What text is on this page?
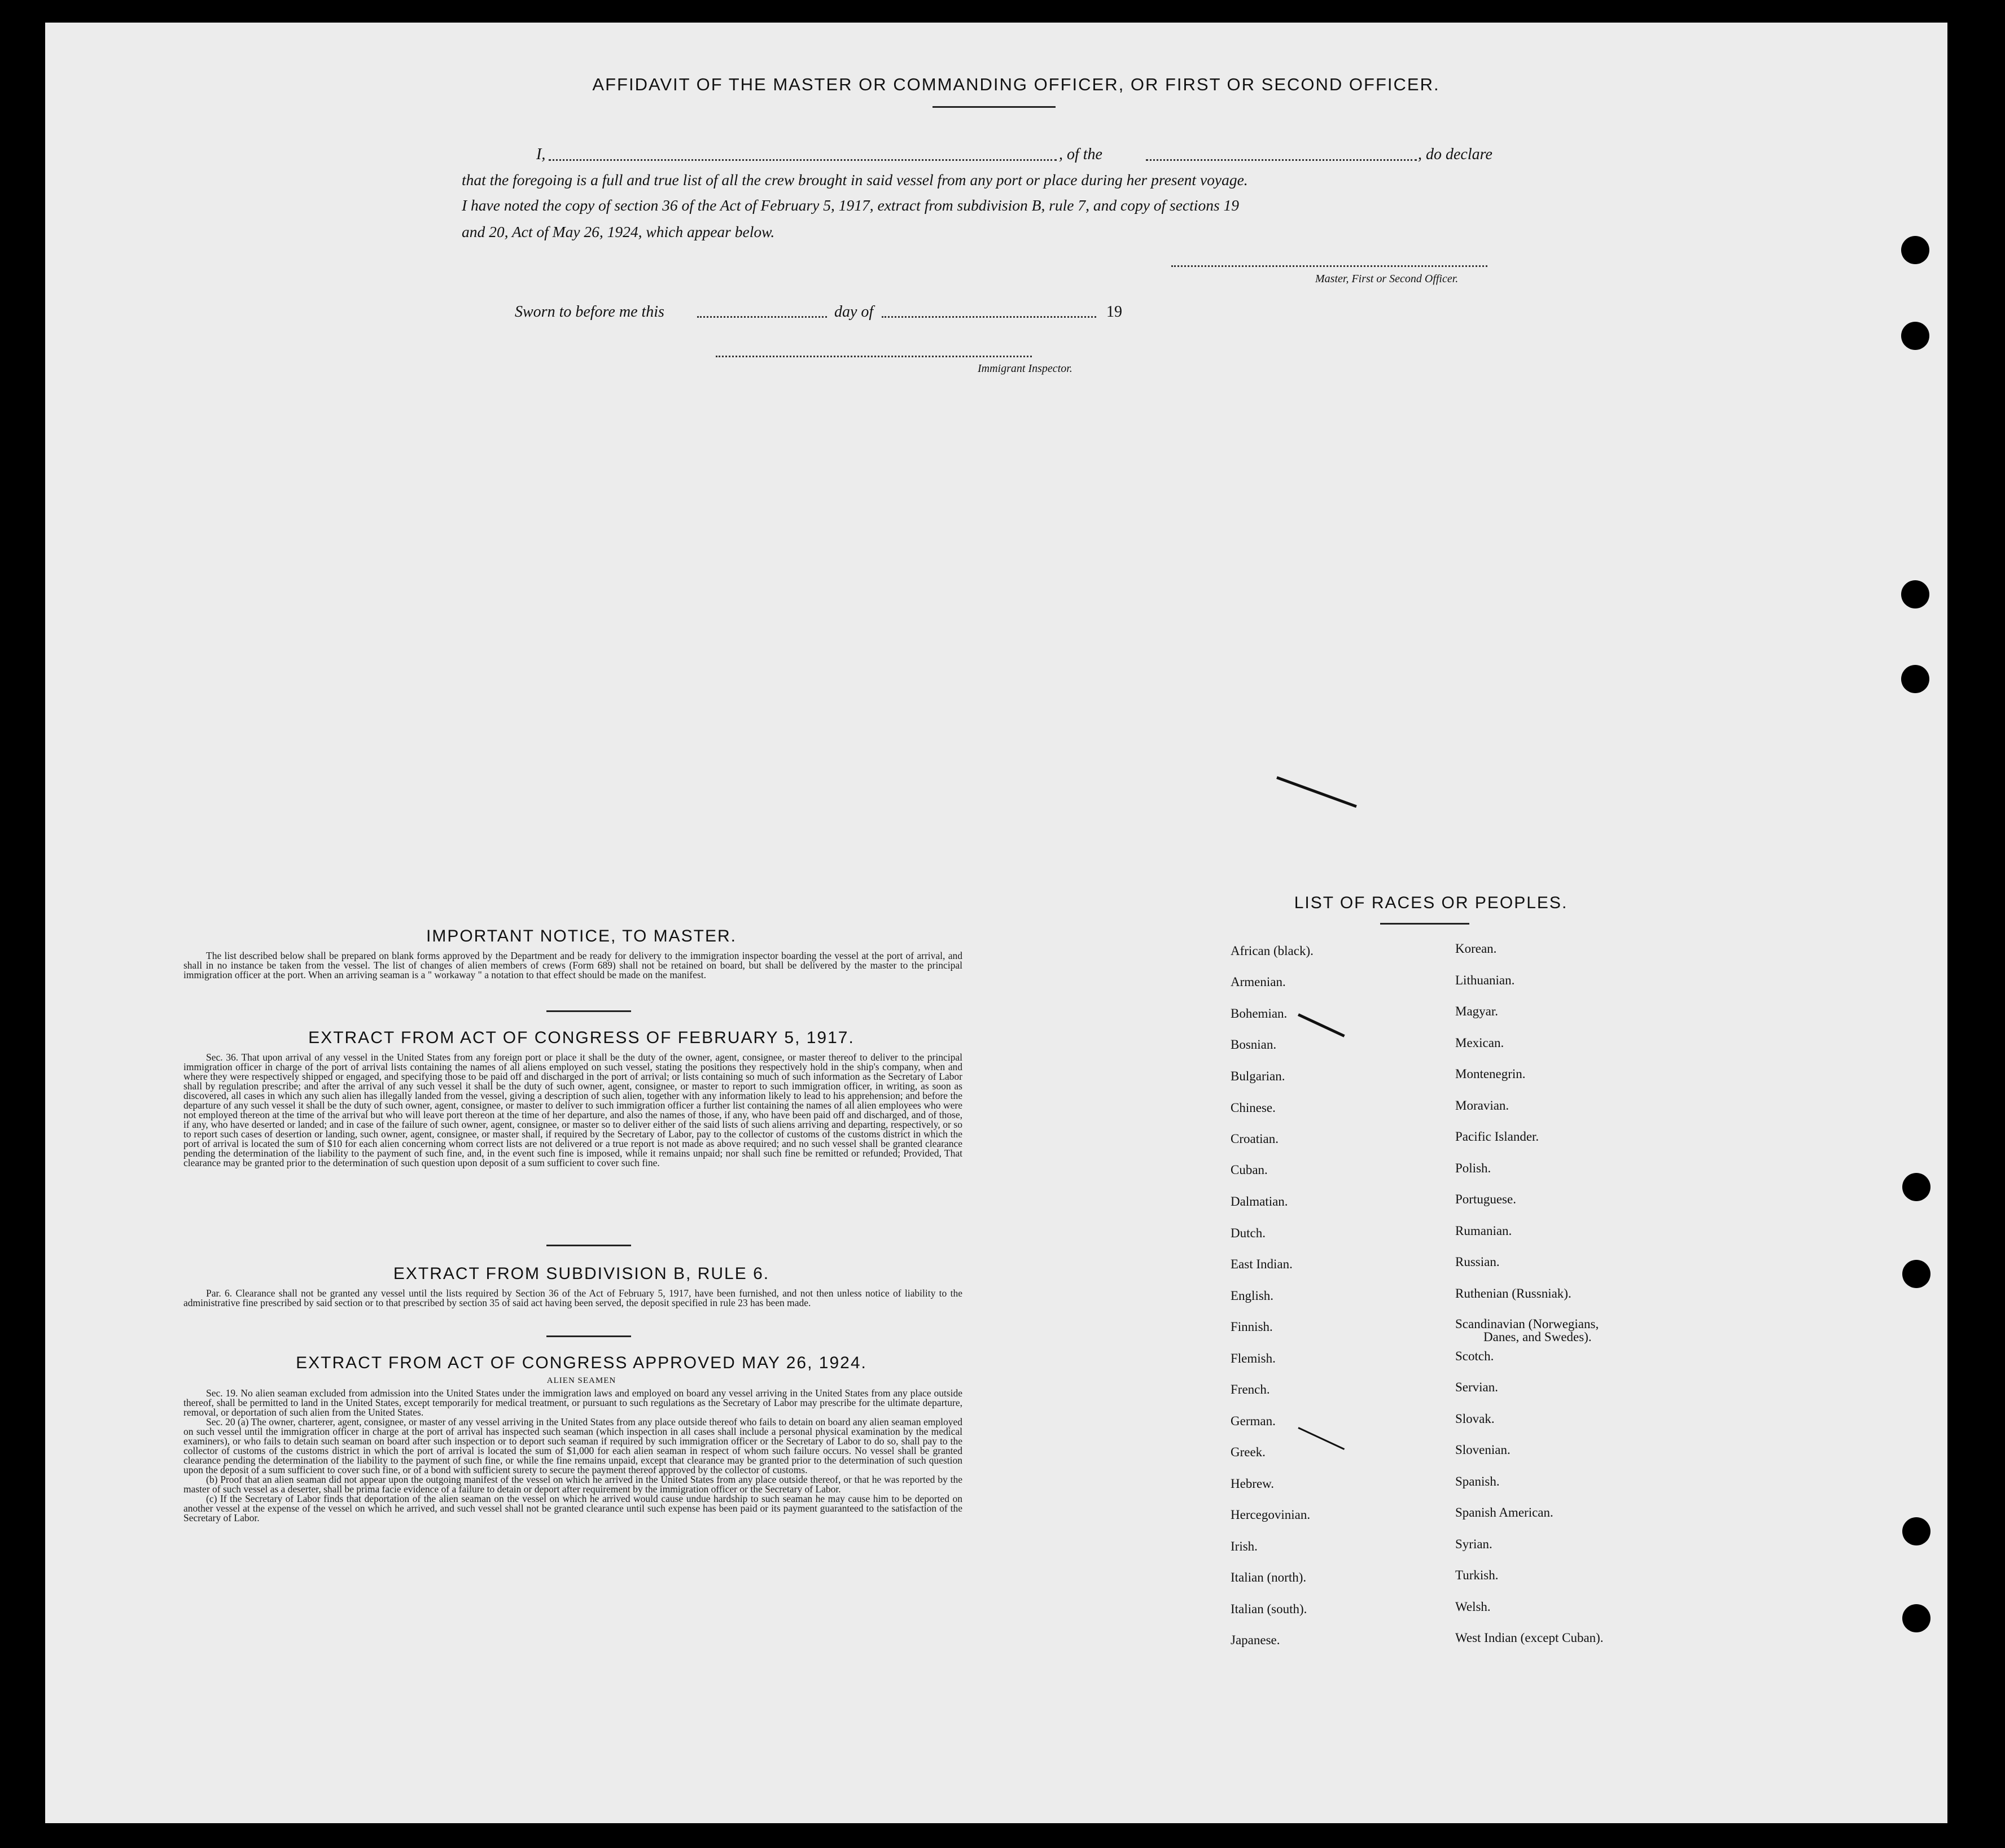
AFFIDAVIT OF THE MASTER OR COMMANDING OFFICER, OR FIRST OR SECOND OFFICER.
I,	, of the	, do declare
that the foregoing is a full and true list of all the crew brought in said vessel from any port or place during her present voyage.
I have noted the copy of section 36 of the Act of February 5, 1917, extract from subdivision B, rule 7, and copy of sections 19
and 20, Act of May 26, 1924, which appear below.
Master, First or Second Officer.
Sworn to before me this	day of	19
Immigrant Inspector.
IMPORTANT NOTICE, TO MASTER.

The list described below shall be prepared on blank forms approved by the Department and be ready for delivery to the immigration inspector boarding the vessel at the port of arrival, and shall in no instance be taken from the vessel. The list of changes of alien members of crews (Form 689) shall not be retained on board, but shall be delivered by the master to the principal immigration officer at the port. When an arriving seaman is a " workaway " a notation to that effect should be made on the manifest.

EXTRACT FROM ACT OF CONGRESS OF FEBRUARY 5, 1917.

Sec. 36. That upon arrival of any vessel in the United States from any foreign port or place it shall be the duty of the owner, agent, consignee, or master thereof to deliver to the principal immigration officer in charge of the port of arrival lists containing the names of all aliens employed on such vessel, stating the positions they respectively hold in the ship's company, when and where they were respectively shipped or engaged, and specifying those to be paid off and discharged in the port of arrival; or lists containing so much of such information as the Secretary of Labor shall by regulation prescribe; and after the arrival of any such vessel it shall be the duty of such owner, agent, consignee, or master to report to such immigration officer, in writing, as soon as discovered, all cases in which any such alien has illegally landed from the vessel, giving a description of such alien, together with any information likely to lead to his apprehension; and before the departure of any such vessel it shall be the duty of such owner, agent, consignee, or master to deliver to such immigration officer a further list containing the names of all alien employees who were not employed thereon at the time of the arrival but who will leave port thereon at the time of her departure, and also the names of those, if any, who have been paid off and discharged, and of those, if any, who have deserted or landed; and in case of the failure of such owner, agent, consignee, or master so to deliver either of the said lists of such aliens arriving and departing, respectively, or so to report such cases of desertion or landing, such owner, agent, consignee, or master shall, if required by the Secretary of Labor, pay to the collector of customs of the customs district in which the port of arrival is located the sum of $10 for each alien concerning whom correct lists are not delivered or a true report is not made as above required; and no such vessel shall be granted clearance pending the determination of the liability to the payment of such fine, and, in the event such fine is imposed, while it remains unpaid; nor shall such fine be remitted or refunded; Provided, That clearance may be granted prior to the determination of such question upon deposit of a sum sufficient to cover such fine.

EXTRACT FROM SUBDIVISION B, RULE 6.

Par. 6. Clearance shall not be granted any vessel until the lists required by Section 36 of the Act of February 5, 1917, have been furnished, and not then unless notice of liability to the administrative fine prescribed by said section or to that prescribed by section 35 of said act having been served, the deposit specified in rule 23 has been made.

EXTRACT FROM ACT OF CONGRESS APPROVED MAY 26, 1924.
ALIEN SEAMEN

Sec. 19. No alien seaman excluded from admission into the United States under the immigration laws and employed on board any vessel arriving in the United States from any place outside thereof, shall be permitted to land in the United States, except temporarily for medical treatment, or pursuant to such regulations as the Secretary of Labor may prescribe for the ultimate departure, removal, or deportation of such alien from the United States.

Sec. 20 (a) The owner, charterer, agent, consignee, or master of any vessel arriving in the United States from any place outside thereof who fails to detain on board any alien seaman employed on such vessel until the immigration officer in charge at the port of arrival has inspected such seaman (which inspection in all cases shall include a personal physical examination by the medical examiners), or who fails to detain such seaman on board after such inspection or to deport such seaman if required by such immigration officer or the Secretary of Labor to do so, shall pay to the collector of customs of the customs district in which the port of arrival is located the sum of $1,000 for each alien seaman in respect of whom such failure occurs. No vessel shall be granted clearance pending the determination of the liability to the payment of such fine, or while the fine remains unpaid, except that clearance may be granted prior to the determination of such question upon the deposit of a sum sufficient to cover such fine, or of a bond with sufficient surety to secure the payment thereof approved by the collector of customs.

(b) Proof that an alien seaman did not appear upon the outgoing manifest of the vessel on which he arrived in the United States from any place outside thereof, or that he was reported by the master of such vessel as a deserter, shall be prima facie evidence of a failure to detain or deport after requirement by the immigration officer or the Secretary of Labor.

(c) If the Secretary of Labor finds that deportation of the alien seaman on the vessel on which he arrived would cause undue hardship to such seaman he may cause him to be deported on another vessel at the expense of the vessel on which he arrived, and such vessel shall not be granted clearance until such expense has been paid or its payment guaranteed to the satisfaction of the Secretary of Labor.

LIST OF RACES OR PEOPLES.
African (black).
Armenian.
Bohemian.
Bosnian.
Bulgarian.
Chinese.
Croatian.
Cuban.
Dalmatian.
Dutch.
East Indian.
English.
Finnish.
Flemish.
French.
German.
Greek.
Hebrew.
Hercegovinian.
Irish.
Italian (north).
Italian (south).
Japanese.
Korean.
Lithuanian.
Magyar.
Mexican.
Montenegrin.
Moravian.
Pacific Islander.
Polish.
Portuguese.
Rumanian.
Russian.
Ruthenian (Russniak).
Scandinavian (Norwegians,
Danes, and Swedes).
Scotch.
Servian.
Slovak.
Slovenian.
Spanish.
Spanish American.
Syrian.
Turkish.
Welsh.
West Indian (except Cuban).
